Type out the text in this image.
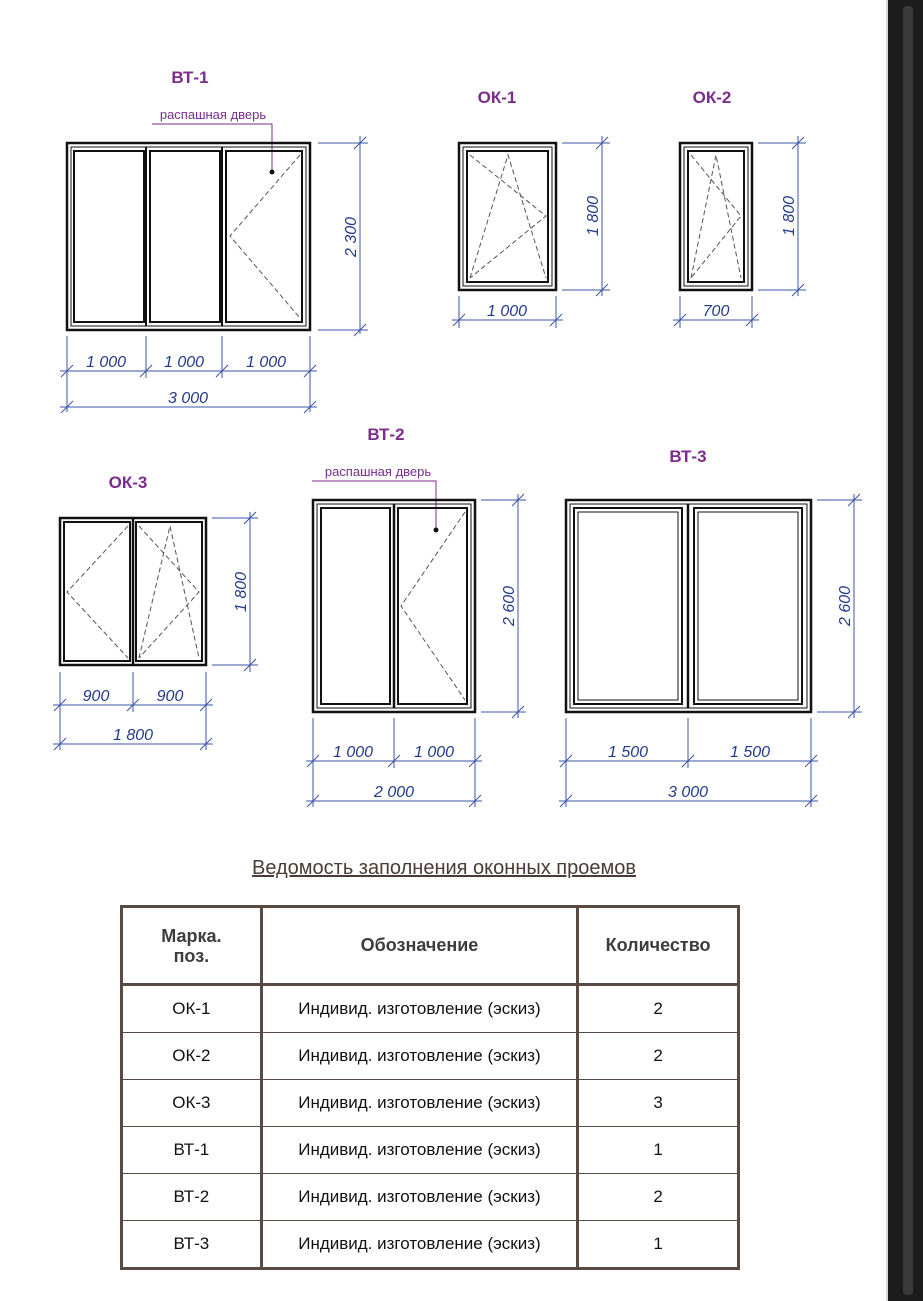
ВТ-1
распашная дверь
2 300
1 000 1 000	1 000
3 000
ОК-1
1 800
1 000
ОК-2
1 800
700
ОК-3
1 800
900	900
1 800
ВТ-2
распашная дверь
2 600
1 000	1 000
2 000
ВТ-3
2 600
1 500	1 500
3 000
Ведомость заполнения оконных проемов
Марка.
поз.	Обозначение	Количество
ОК-1	Индивид. изготовление (эскиз)	2
ОК-2	Индивид. изготовление (эскиз)	2
ОК-3	Индивид. изготовление (эскиз)	3
ВТ-1	Индивид. изготовление (эскиз)	1
ВТ-2	Индивид. изготовление (эскиз)	2
ВТ-3	Индивид. изготовление (эскиз)	1
